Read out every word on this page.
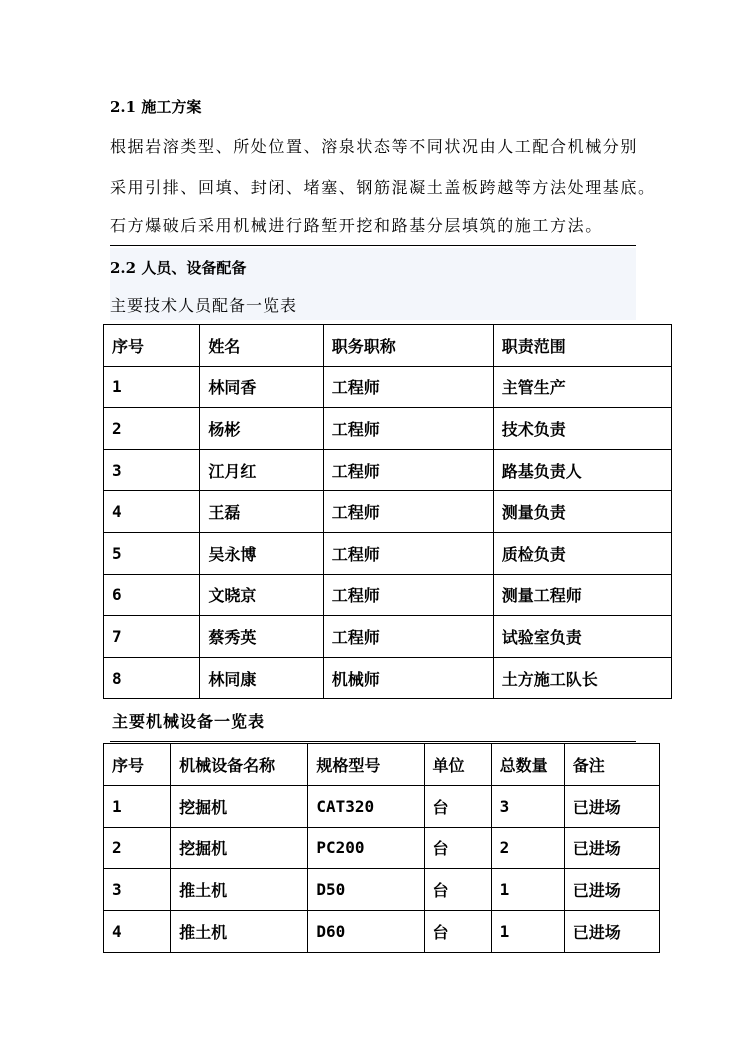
2.1 施工方案
根据岩溶类型、所处位置、溶泉状态等不同状况由人工配合机械分别
采用引排、回填、封闭、堵塞、钢筋混凝土盖板跨越等方法处理基底。
石方爆破后采用机械进行路堑开挖和路基分层填筑的施工方法。
2.2 人员、设备配备
主要技术人员配备一览表
序号	姓名	职务职称	职责范围
1	林同香	工程师	主管生产
2	杨彬	工程师	技术负责
3	江月红	工程师	路基负责人
4	王磊	工程师	测量负责
5	吴永博	工程师	质检负责
6	文晓京	工程师	测量工程师
7	蔡秀英	工程师	试验室负责
8	林同康	机械师	土方施工队长
主要机械设备一览表
序号	机械设备名称	规格型号	单位	总数量	备注
1	挖掘机	CAT320	台	3	已进场
2	挖掘机	PC200	台	2	已进场
3	推土机	D50	台	1	已进场
4	推土机	D60	台	1	已进场
